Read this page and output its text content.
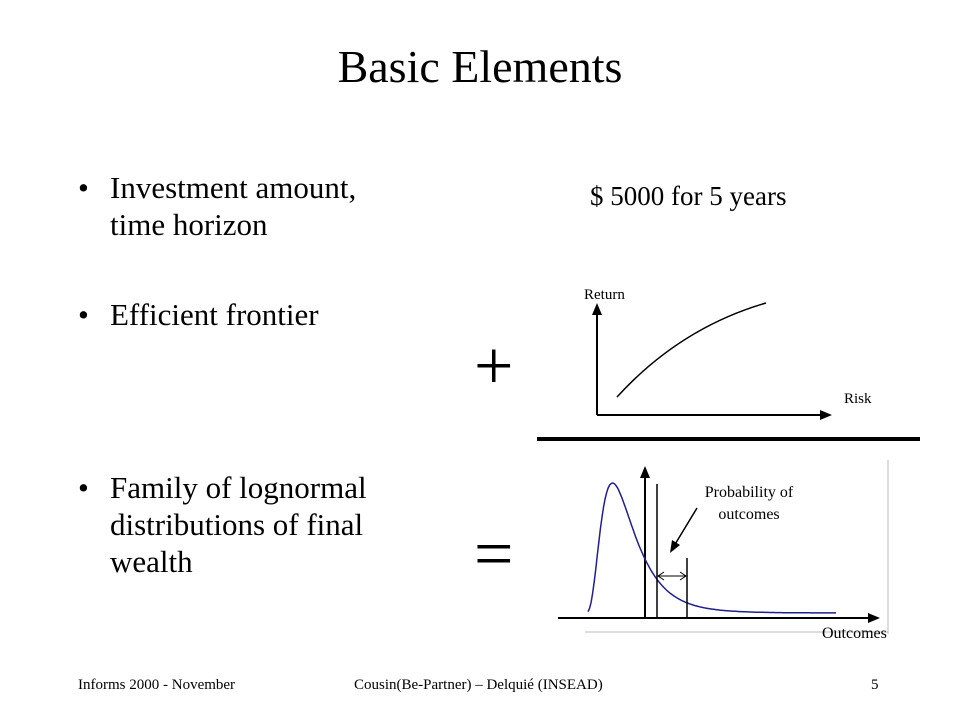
Basic Elements
• Investment amount,
time horizon
• Efficient frontier
• Family of lognormal
distributions of final
wealth
$ 5000 for 5 years
+
=
Return
Risk
Probability of
outcomes
Outcomes
Informs 2000 - November	Cousin(Be-Partner) – Delquié (INSEAD)	5
